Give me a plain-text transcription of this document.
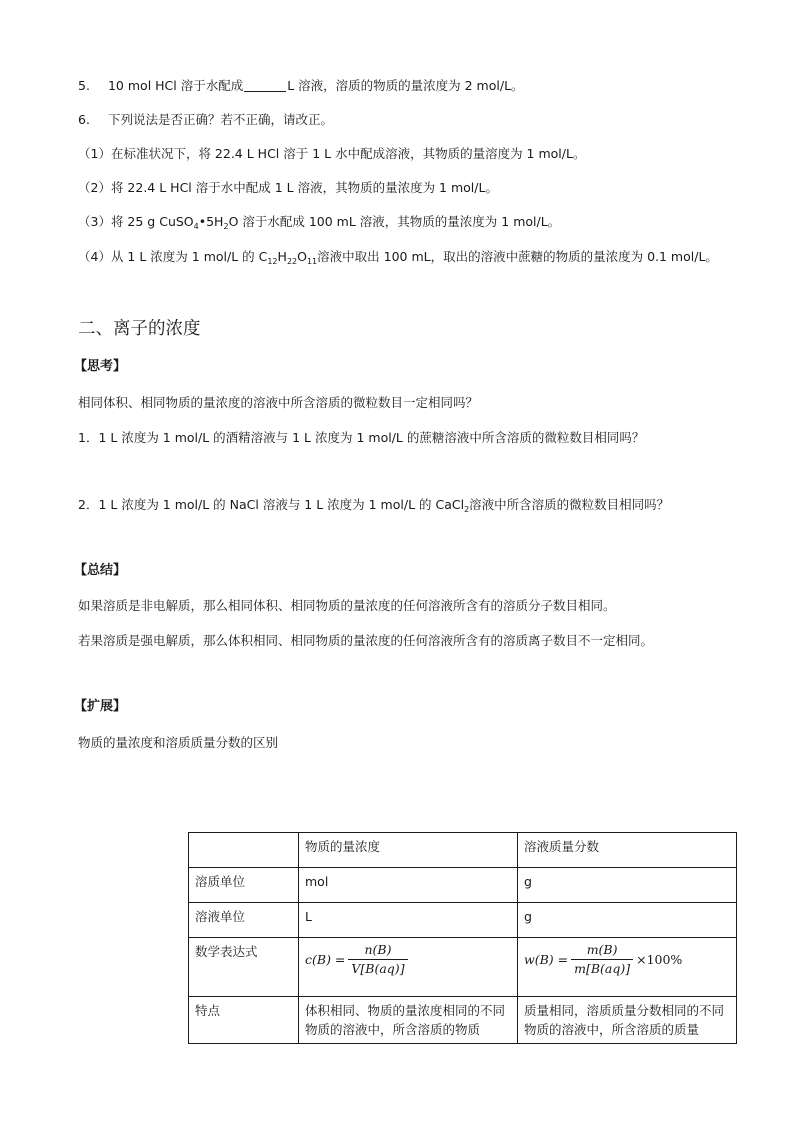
5. 10 mol HCl 溶于水配成	L 溶液，溶质的物质的量浓度为 2 mol/L。
6. 下列说法是否正确？若不正确，请改正。
（1）在标准状况下，将 22.4 L HCl 溶于 1 L 水中配成溶液，其物质的量溶度为 1 mol/L。
（2）将 22.4 L HCl 溶于水中配成 1 L 溶液，其物质的量浓度为 1 mol/L。
（3）将 25 g $CuSO_4•5H_2O$ 溶于水配成 100 mL 溶液，其物质的量浓度为 1 mol/L。
（4）从 1 L 浓度为 1 mol/L 的 $C_{12}H_{22}O_{11}$溶液中取出 100 mL，取出的溶液中蔗糖的物质的量浓度为 0.1 mol/L。
二、离子的浓度
【思考】
相同体积、相同物质的量浓度的溶液中所含溶质的微粒数目一定相同吗？
1．1 L 浓度为 1 mol/L 的酒精溶液与 1 L 浓度为 1 mol/L 的蔗糖溶液中所含溶质的微粒数目相同吗？
2．1 L 浓度为 1 mol/L 的 NaCl 溶液与 1 L 浓度为 1 mol/L 的 CaCl$_2$溶液中所含溶质的微粒数目相同吗？
【总结】
如果溶质是非电解质，那么相同体积、相同物质的量浓度的任何溶液所含有的溶质分子数目相同。
若果溶质是强电解质，那么体积相同、相同物质的量浓度的任何溶液所含有的溶质离子数目不一定相同。
【扩展】
物质的量浓度和溶质质量分数的区别
	物质的量浓度	溶液质量分数
溶质单位	mol	g
溶液单位	L	g
数学表达式	$c(B) = \frac{n(B)}{V[B(aq)]}$	$w(B) = \frac{m(B)}{m[B(aq)]} \times 100\%$

特点	体积相同、物质的量浓度相同的不同物质的溶液中，所含溶质的物质	质量相同，溶质质量分数相同的不同物质的溶液中，所含溶质的质量
